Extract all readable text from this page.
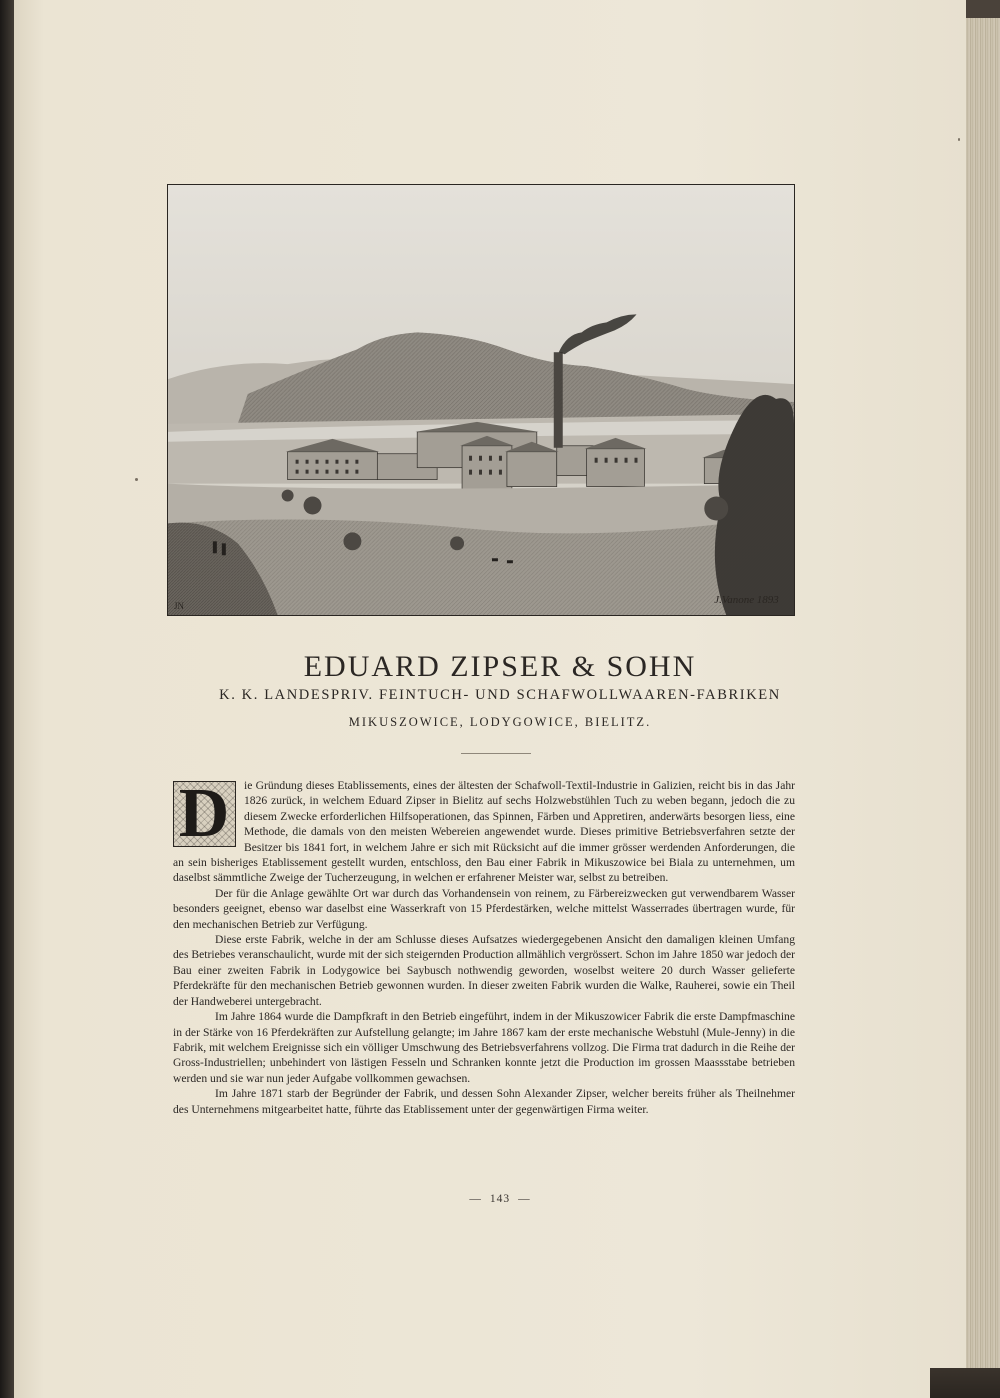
JN	J.Vanone 1893
EDUARD ZIPSER & SOHN
K. K. LANDESPRIV. FEINTUCH- UND SCHAFWOLLWAAREN-FABRIKEN
MIKUSZOWICE, LODYGOWICE, BIELITZ.

D	ie Gründung dieses Etablissements, eines der ältesten der Schafwoll-Textil-Industrie in Galizien, reicht bis in das Jahr 1826 zurück, in welchem Eduard Zipser in Bielitz auf sechs Holzwebstühlen Tuch zu weben begann, jedoch die zu diesem Zwecke erforderlichen Hilfsoperationen, das Spinnen, Färben und Appretiren, anderwärts besorgen liess, eine Methode, die damals von den meisten Webereien angewendet wurde. Dieses primitive Betriebsverfahren setzte der Besitzer bis 1841 fort, in welchem Jahre er sich mit Rücksicht auf die immer grösser werdenden Anforderungen, die an sein bisheriges Etablissement gestellt wurden, entschloss, den Bau einer Fabrik in Mikuszowice bei Biala zu unternehmen, um daselbst sämmtliche Zweige der Tucherzeugung, in welchen er erfahrener Meister war, selbst zu betreiben.

Der für die Anlage gewählte Ort war durch das Vorhandensein von reinem, zu Färbereizwecken gut verwendbarem Wasser besonders geeignet, ebenso war daselbst eine Wasserkraft von 15 Pferdestärken, welche mittelst Wasserrades übertragen wurde, für den mechanischen Betrieb zur Verfügung.

Diese erste Fabrik, welche in der am Schlusse dieses Aufsatzes wiedergegebenen Ansicht den damaligen kleinen Umfang des Betriebes veranschaulicht, wurde mit der sich steigernden Production allmählich vergrössert. Schon im Jahre 1850 war jedoch der Bau einer zweiten Fabrik in Lodygowice bei Saybusch nothwendig geworden, woselbst weitere 20 durch Wasser gelieferte Pferdekräfte für den mechanischen Betrieb gewonnen wurden. In dieser zweiten Fabrik wurden die Walke, Rauherei, sowie ein Theil der Handweberei untergebracht.

Im Jahre 1864 wurde die Dampfkraft in den Betrieb eingeführt, indem in der Mikuszowicer Fabrik die erste Dampfmaschine in der Stärke von 16 Pferdekräften zur Aufstellung gelangte; im Jahre 1867 kam der erste mechanische Webstuhl (Mule-Jenny) in die Fabrik, mit welchem Ereignisse sich ein völliger Umschwung des Betriebsverfahrens vollzog. Die Firma trat dadurch in die Reihe der Gross-Industriellen; unbehindert von lästigen Fesseln und Schranken konnte jetzt die Production im grossen Maassstabe betrieben werden und sie war nun jeder Aufgabe vollkommen gewachsen.

Im Jahre 1871 starb der Begründer der Fabrik, und dessen Sohn Alexander Zipser, welcher bereits früher als Theilnehmer des Unternehmens mitgearbeitet hatte, führte das Etablissement unter der gegenwärtigen Firma weiter.

— 143 —
